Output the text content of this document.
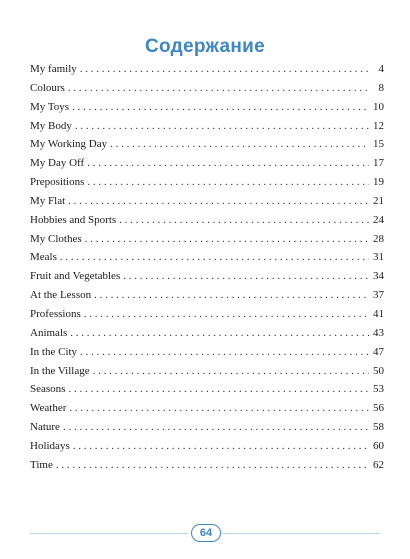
Содержание
My family . . .	4
Colours . . .	8
My Toys . . .	10
My Body . . .	12
My Working Day . . .	15
My Day Off . . .	17
Prepositions . . .	19
My Flat . . .	21
Hobbies and Sports . . .	24
My Clothes . . .	28
Meals . . .	31
Fruit and Vegetables . . .	34
At the Lesson . . .	37
Professions . . .	41
Animals . . .	43
In the City . . .	47
In the Village . . .	50
Seasons . . .	53
Weather . . .	56
Nature . . .	58
Holidays . . .	60
Time . . .	62
64
